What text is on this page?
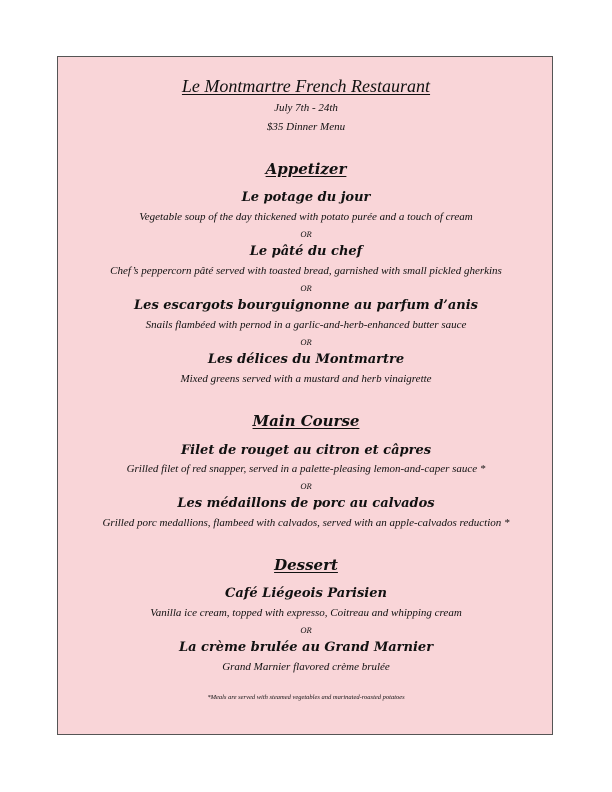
Le Montmartre French Restaurant
July 7th - 24th
$35 Dinner Menu
Appetizer
Le potage du jour
Vegetable soup of the day thickened with potato purée and a touch of cream
OR
Le pâté du chef
Chef’s peppercorn pâté served with toasted bread, garnished with small pickled gherkins
OR
Les escargots bourguignonne au parfum d’anis
Snails flambéed with pernod in a garlic-and-herb-enhanced butter sauce
OR
Les délices du Montmartre
Mixed greens served with a mustard and herb vinaigrette
Main Course
Filet de rouget au citron et câpres
Grilled filet of red snapper, served in a palette-pleasing lemon-and-caper sauce *
OR
Les médaillons de porc au calvados
Grilled porc medallions, flambeed with calvados, served with an apple-calvados reduction *
Dessert
Café Liégeois Parisien
Vanilla ice cream, topped with expresso, Coitreau and whipping cream
OR
La crème brulée au Grand Marnier
Grand Marnier flavored crème brulée
*Meals are served with steamed vegetables and marinated-roasted potatoes
